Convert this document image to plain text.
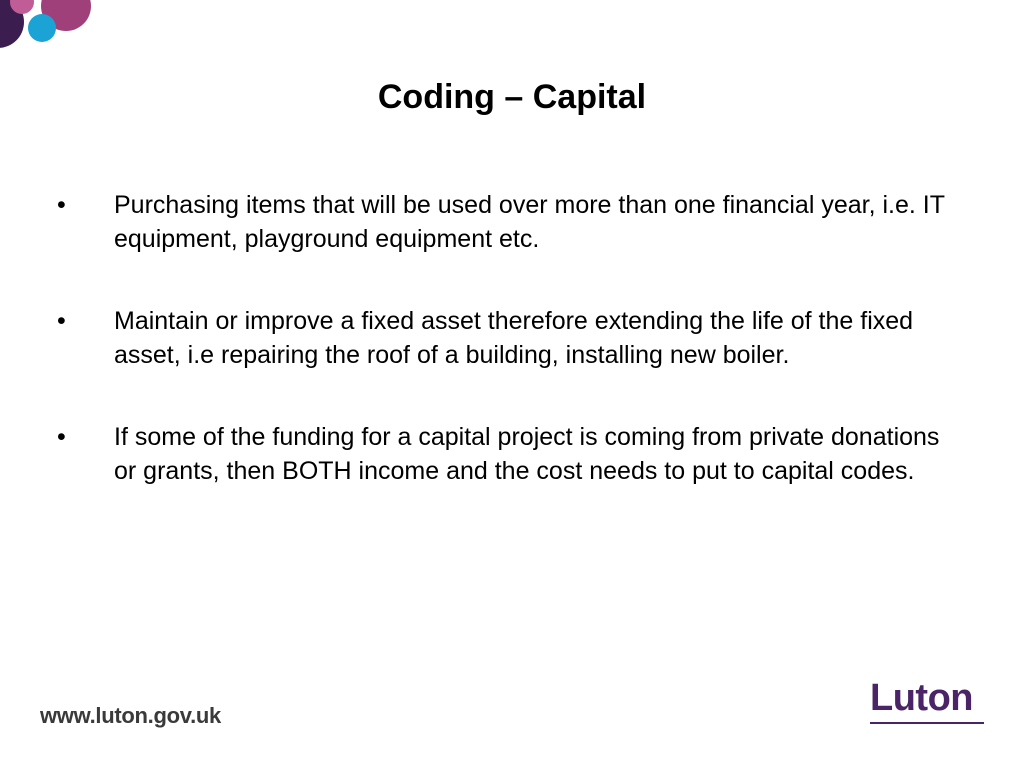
Coding – Capital
• Purchasing items that will be used over more than one financial year, i.e. IT equipment, playground equipment etc.
• Maintain or improve a fixed asset therefore extending the life of the fixed asset, i.e repairing the roof of a building, installing new boiler.
• If some of the funding for a capital project is coming from private donations or grants, then BOTH income and the cost needs to put to capital codes.
www.luton.gov.uk	Luton
